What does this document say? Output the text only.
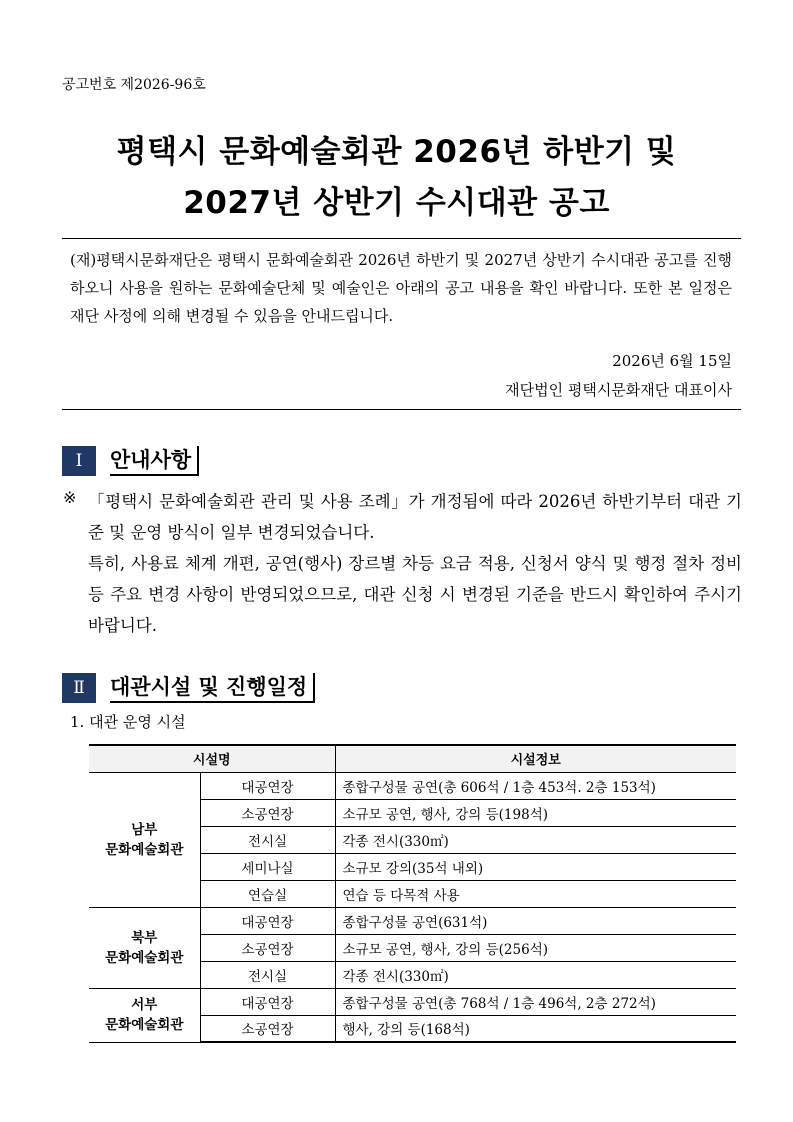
공고번호 제2026-96호
평택시 문화예술회관 2026년 하반기 및
2027년 상반기 수시대관 공고
(재)평택시문화재단은 평택시 문화예술회관 2026년 하반기 및 2027년 상반기 수시대관 공고를 진행하오니 사용을 원하는 문화예술단체 및 예술인은 아래의 공고 내용을 확인 바랍니다. 또한 본 일정은 재단 사정에 의해 변경될 수 있음을 안내드립니다.
2026년 6월 15일
재단법인 평택시문화재단 대표이사
Ⅰ	안내사항
※ 「평택시 문화예술회관 관리 및 사용 조례」가 개정됨에 따라 2026년 하반기부터 대관 기준 및 운영 방식이 일부 변경되었습니다.

특히, 사용료 체계 개편, 공연(행사) 장르별 차등 요금 적용, 신청서 양식 및 행정 절차 정비 등 주요 변경 사항이 반영되었으므로, 대관 신청 시 변경된 기준을 반드시 확인하여 주시기 바랍니다.

Ⅱ	대관시설 및 진행일정
1. 대관 운영 시설
시설명		시설정보

남부
문화예술회관	대공연장	종합구성물 공연(총 606석 / 1층 453석. 2층 153석)
	소공연장	소규모 공연, 행사, 강의 등(198석)
	전시실	각종 전시(330㎡)
	세미나실	소규모 강의(35석 내외)
	연습실	연습 등 다목적 사용

북부
문화예술회관	대공연장	종합구성물 공연(631석)
	소공연장	소규모 공연, 행사, 강의 등(256석)
	전시실	각종 전시(330㎡)

서부
문화예술회관	대공연장	종합구성물 공연(총 768석 / 1층 496석, 2층 272석)
	소공연장	행사, 강의 등(168석)
